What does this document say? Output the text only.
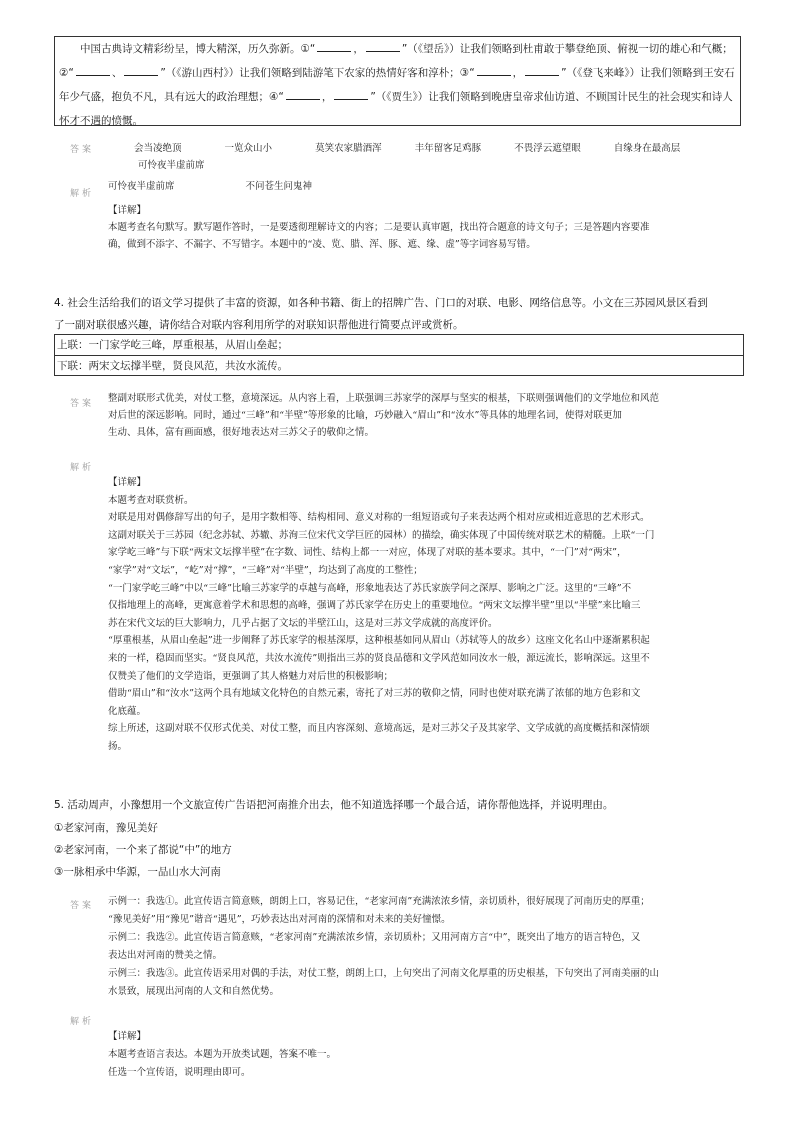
中国古典诗文精彩纷呈，博大精深，历久弥新。①“	，	”（《望岳》）让我们领略到杜甫敢于攀登绝顶、俯视一切的雄心和气概；②“	、	”（《游山西村》）让我们领略到陆游笔下农家的热情好客和淳朴；③“	，	”（《登飞来峰》）让我们领略到王安石年少气盛，抱负不凡，具有远大的政治理想；④“	，	”（《贾生》）让我们领略到晚唐皇帝求仙访道、不顾国计民生的社会现实和诗人怀才不遇的愤慨。

答案	会当凌绝顶	一览众山小	莫笑农家腊酒浑	丰年留客足鸡豚	不畏浮云遮望眼	自缘身在最高层 可怜夜半虚前席
可怜夜半虚前席	不问苍生问鬼神
解析

【详解】

本题考查名句默写。默写题作答时，一是要透彻理解诗文的内容；二是要认真审题，找出符合题意的诗文句子；三是答题内容要准

确，做到不添字、不漏字、不写错字。本题中的“凌、览、腊、浑、豚、遮、缘、虚”等字词容易写错。

4. 社会生活给我们的语文学习提供了丰富的资源，如各种书籍、街上的招牌广告、门口的对联、电影、网络信息等。小文在三苏园风景区看到

了一副对联很感兴趣，请你结合对联内容利用所学的对联知识帮他进行简要点评或赏析。

上联：一门家学屹三峰，厚重根基，从眉山垒起；
下联：两宋文坛撑半壁，贤良风范，共汝水流传。
答案 整副对联形式优美，对仗工整，意境深远。从内容上看，上联强调三苏家学的深厚与坚实的根基，下联则强调他们的文学地位和风范

对后世的深远影响。同时，通过“三峰”和“半壁”等形象的比喻，巧妙融入“眉山”和“汝水”等具体的地理名词，使得对联更加

生动、具体，富有画面感，很好地表达对三苏父子的敬仰之情。

解析

【详解】

本题考查对联赏析。

对联是用对偶修辞写出的句子，是用字数相等、结构相同、意义对称的一组短语或句子来表达两个相对应或相近意思的艺术形式。

这副对联关于三苏园（纪念苏轼、苏辙、苏洵三位宋代文学巨匠的园林）的描绘，确实体现了中国传统对联艺术的精髓。上联“一门

家学屹三峰”与下联“两宋文坛撑半壁”在字数、词性、结构上都一一对应，体现了对联的基本要求。其中，“一门”对“两宋”，

“家学”对“文坛”，“屹”对“撑”，“三峰”对“半壁”，均达到了高度的工整性；

“一门家学屹三峰”中以“三峰”比喻三苏家学的卓越与高峰，形象地表达了苏氏家族学问之深厚、影响之广泛。这里的“三峰”不

仅指地理上的高峰，更寓意着学术和思想的高峰，强调了苏氏家学在历史上的重要地位。“两宋文坛撑半壁”里以“半壁”来比喻三

苏在宋代文坛的巨大影响力，几乎占据了文坛的半壁江山，这是对三苏文学成就的高度评价。

“厚重根基，从眉山垒起”进一步阐释了苏氏家学的根基深厚，这种根基如同从眉山（苏轼等人的故乡）这座文化名山中逐渐累积起

来的一样，稳固而坚实。“贤良风范，共汝水流传”则指出三苏的贤良品德和文学风范如同汝水一般，源远流长，影响深远。这里不

仅赞美了他们的文学造诣，更强调了其人格魅力对后世的积极影响；

借助“眉山”和“汝水”这两个具有地域文化特色的自然元素，寄托了对三苏的敬仰之情，同时也使对联充满了浓郁的地方色彩和文

化底蕴。

综上所述，这副对联不仅形式优美、对仗工整，而且内容深刻、意境高远，是对三苏父子及其家学、文学成就的高度概括和深情颂

扬。

5. 活动周声，小豫想用一个文旅宣传广告语把河南推介出去，他不知道选择哪一个最合适，请你帮他选择，并说明理由。
①老家河南，豫见美好
②老家河南，一个来了都说“中”的地方
③一脉相承中华源，一品山水大河南
答案 示例一：我选①。此宣传语言简意赅，朗朗上口，容易记住，“老家河南”充满浓浓乡情，亲切质朴，很好展现了河南历史的厚重；

“豫见美好”用“豫见”谐音“遇见”，巧妙表达出对河南的深情和对未来的美好憧憬。

示例二：我选②。此宣传语言简意赅，“老家河南”充满浓浓乡情，亲切质朴；又用河南方言“中”，既突出了地方的语言特色，又

表达出对河南的赞美之情。

示例三：我选③。此宣传语采用对偶的手法，对仗工整，朗朗上口，上句突出了河南文化厚重的历史根基，下句突出了河南美丽的山

水景致，展现出河南的人文和自然优势。

解析

【详解】

本题考查语言表达。本题为开放类试题，答案不唯一。

任选一个宣传语，说明理由即可。
